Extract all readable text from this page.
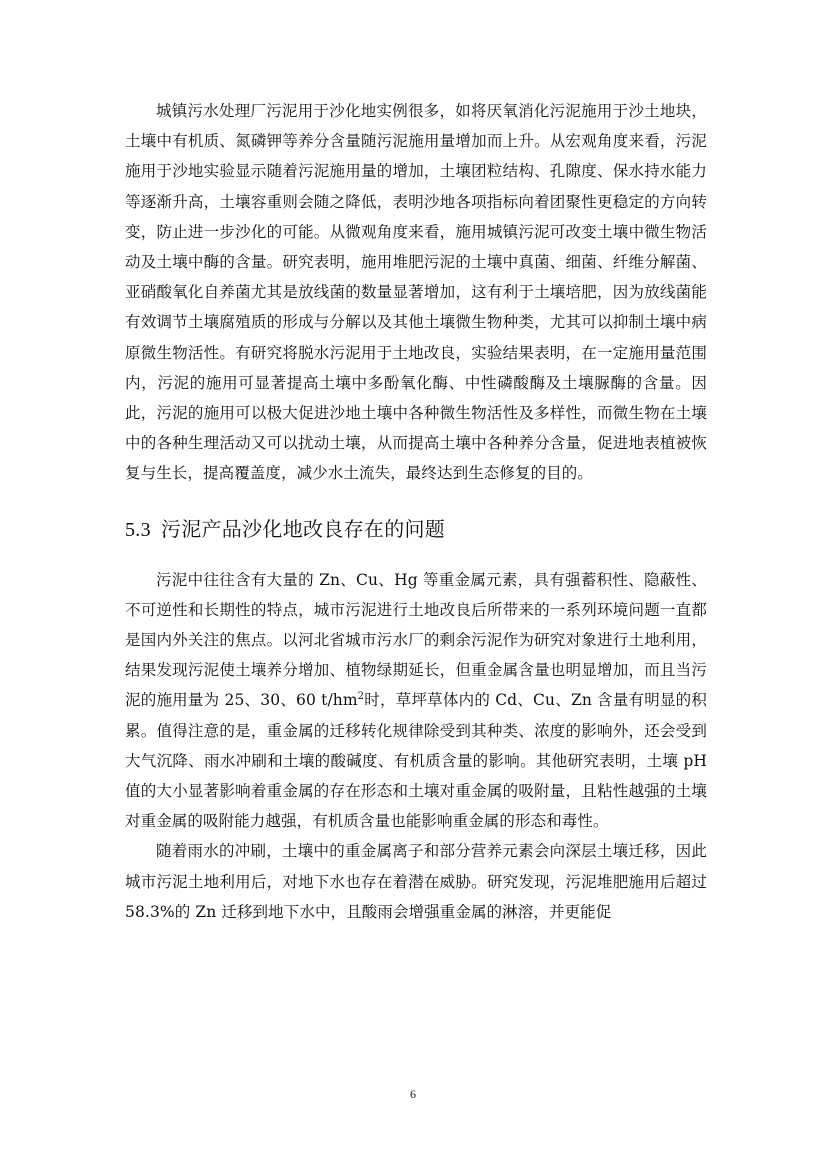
城镇污水处理厂污泥用于沙化地实例很多，如将厌氧消化污泥施用于沙土地块，土壤中有机质、氮磷钾等养分含量随污泥施用量增加而上升。从宏观角度来看，污泥施用于沙地实验显示随着污泥施用量的增加，土壤团粒结构、孔隙度、保水持水能力等逐渐升高，土壤容重则会随之降低，表明沙地各项指标向着团聚性更稳定的方向转变，防止进一步沙化的可能。从微观角度来看，施用城镇污泥可改变土壤中微生物活动及土壤中酶的含量。研究表明，施用堆肥污泥的土壤中真菌、细菌、纤维分解菌、亚硝酸氧化自养菌尤其是放线菌的数量显著增加，这有利于土壤培肥，因为放线菌能有效调节土壤腐殖质的形成与分解以及其他土壤微生物种类，尤其可以抑制土壤中病原微生物活性。有研究将脱水污泥用于土地改良，实验结果表明，在一定施用量范围内，污泥的施用可显著提高土壤中多酚氧化酶、中性磷酸酶及土壤脲酶的含量。因此，污泥的施用可以极大促进沙地土壤中各种微生物活性及多样性，而微生物在土壤中的各种生理活动又可以扰动土壤，从而提高土壤中各种养分含量，促进地表植被恢复与生长，提高覆盖度，减少水土流失，最终达到生态修复的目的。

5.3 污泥产品沙化地改良存在的问题

污泥中往往含有大量的 Zn、Cu、Hg 等重金属元素，具有强蓄积性、隐蔽性、不可逆性和长期性的特点，城市污泥进行土地改良后所带来的一系列环境问题一直都是国内外关注的焦点。以河北省城市污水厂的剩余污泥作为研究对象进行土地利用，结果发现污泥使土壤养分增加、植物绿期延长，但重金属含量也明显增加，而且当污泥的施用量为 25、30、60 $t/hm^2$时，草坪草体内的 Cd、Cu、Zn 含量有明显的积累。值得注意的是，重金属的迁移转化规律除受到其种类、浓度的影响外，还会受到大气沉降、雨水冲刷和土壤的酸碱度、有机质含量的影响。其他研究表明，土壤 pH 值的大小显著影响着重金属的存在形态和土壤对重金属的吸附量，且粘性越强的土壤对重金属的吸附能力越强，有机质含量也能影响重金属的形态和毒性。

随着雨水的冲刷，土壤中的重金属离子和部分营养元素会向深层土壤迁移，因此城市污泥土地利用后，对地下水也存在着潜在威胁。研究发现，污泥堆肥施用后超过 58.3%的 Zn 迁移到地下水中，且酸雨会增强重金属的淋溶，并更能促

6
